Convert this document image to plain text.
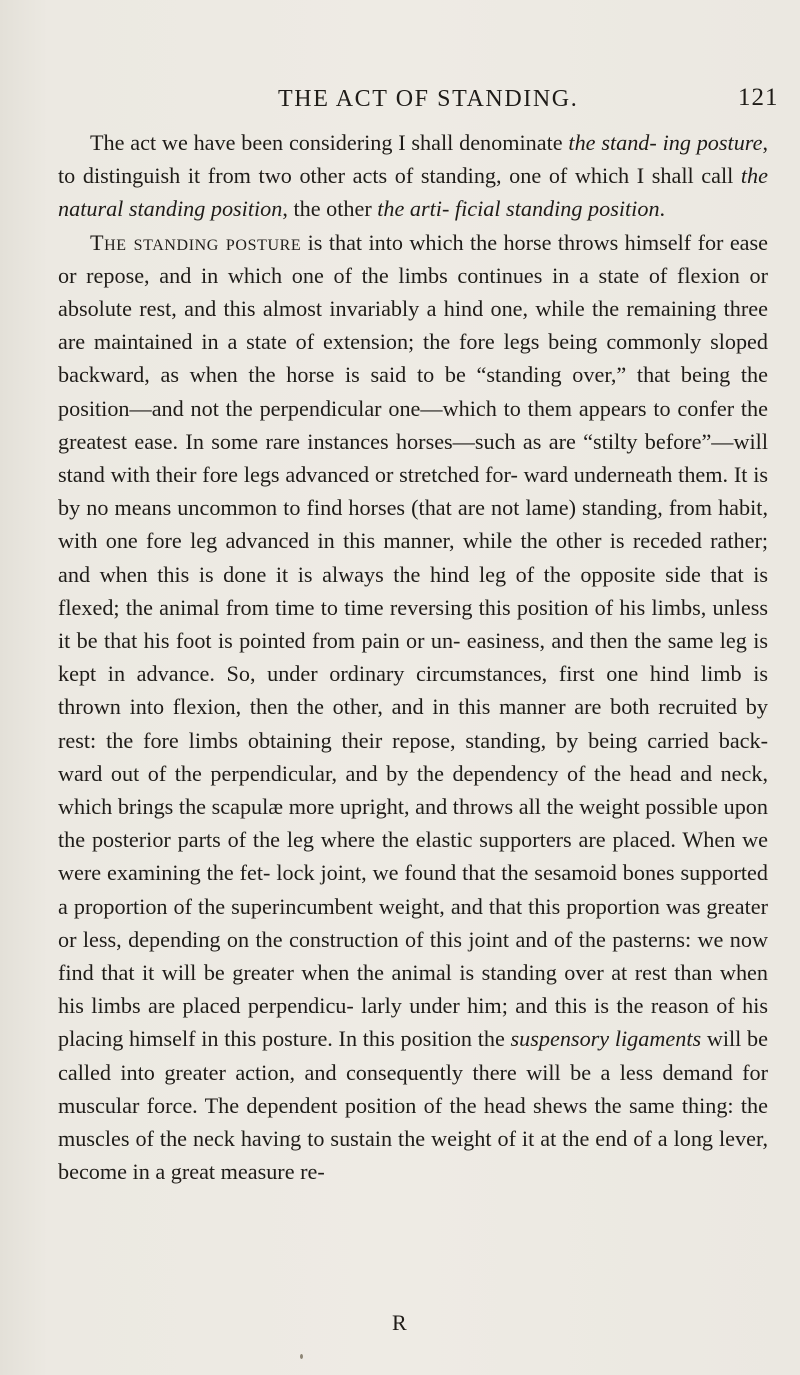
THE ACT OF STANDING.	121

The act we have been considering I shall denominate the stand- ing posture, to distinguish it from two other acts of standing, one of which I shall call the natural standing position, the other the arti- ficial standing position.

The standing posture is that into which the horse throws himself for ease or repose, and in which one of the limbs continues in a state of flexion or absolute rest, and this almost invariably a hind one, while the remaining three are maintained in a state of extension; the fore legs being commonly sloped backward, as when the horse is said to be “standing over,” that being the position—and not the perpendicular one—which to them appears to confer the greatest ease. In some rare instances horses—such as are “stilty before”—will stand with their fore legs advanced or stretched for- ward underneath them. It is by no means uncommon to find horses (that are not lame) standing, from habit, with one fore leg advanced in this manner, while the other is receded rather; and when this is done it is always the hind leg of the opposite side that is flexed; the animal from time to time reversing this position of his limbs, unless it be that his foot is pointed from pain or un- easiness, and then the same leg is kept in advance. So, under ordinary circumstances, first one hind limb is thrown into flexion, then the other, and in this manner are both recruited by rest: the fore limbs obtaining their repose, standing, by being carried back- ward out of the perpendicular, and by the dependency of the head and neck, which brings the scapulæ more upright, and throws all the weight possible upon the posterior parts of the leg where the elastic supporters are placed. When we were examining the fet- lock joint, we found that the sesamoid bones supported a proportion of the superincumbent weight, and that this proportion was greater or less, depending on the construction of this joint and of the pasterns: we now find that it will be greater when the animal is standing over at rest than when his limbs are placed perpendicu- larly under him; and this is the reason of his placing himself in this posture. In this position the suspensory ligaments will be called into greater action, and consequently there will be a less demand for muscular force. The dependent position of the head shews the same thing: the muscles of the neck having to sustain the weight of it at the end of a long lever, become in a great measure re-

R
